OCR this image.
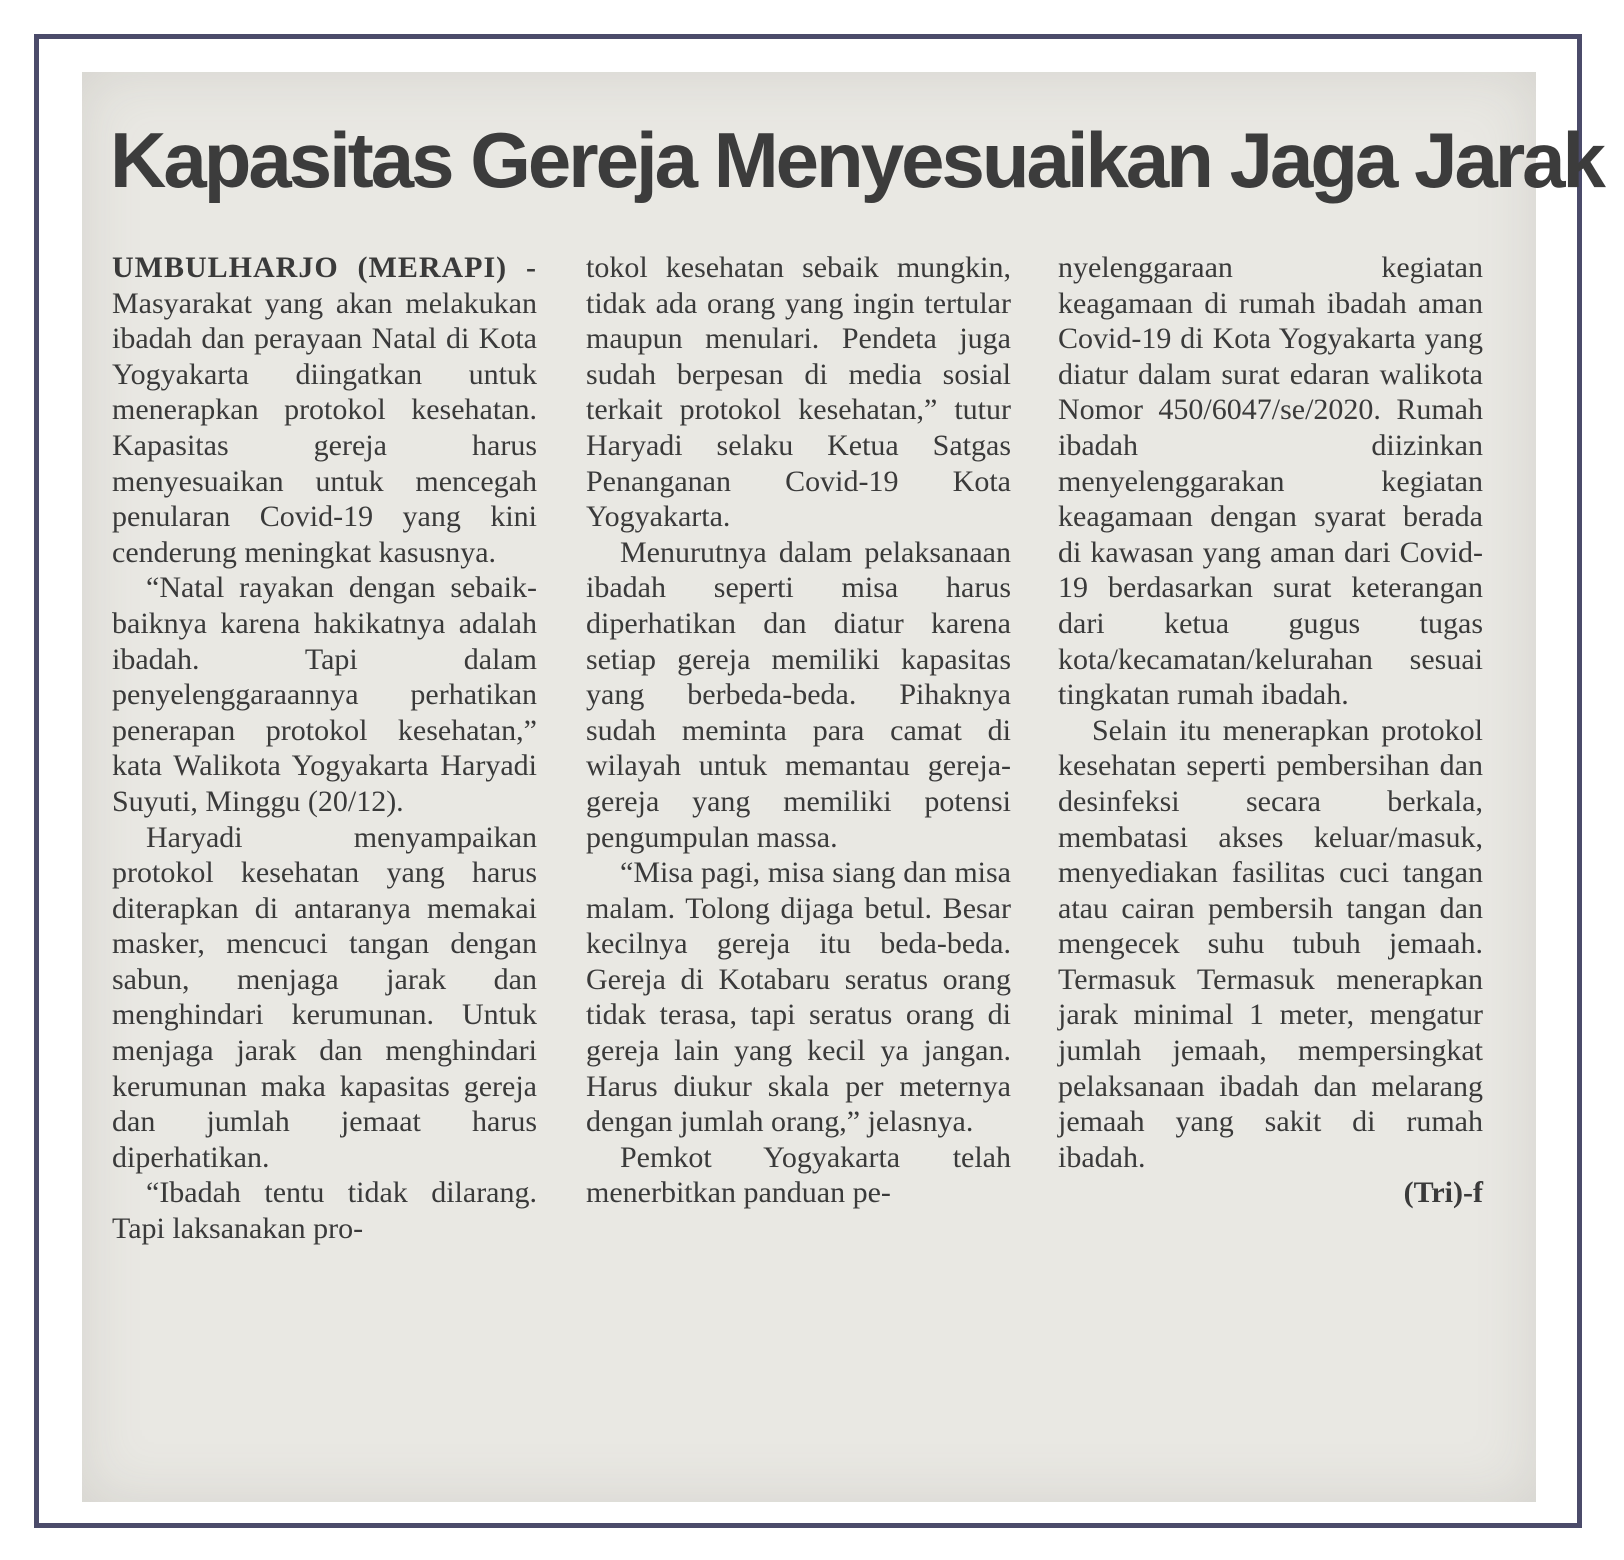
Kapasitas Gereja Menyesuaikan Jaga Jarak

UMBULHARJO (MERAPI) - Masyarakat yang akan melakukan ibadah dan perayaan Natal di Kota Yogyakarta diingatkan untuk menerapkan protokol kesehatan. Kapasitas gereja harus menyesuaikan untuk mencegah penularan Covid-19 yang kini cenderung meningkat kasusnya.

“Natal rayakan dengan sebaik-baiknya karena hakikatnya adalah ibadah. Tapi dalam penyelenggaraannya perhatikan penerapan protokol kesehatan,” kata Walikota Yogyakarta Haryadi Suyuti, Minggu (20/12).

Haryadi menyampaikan protokol kesehatan yang harus diterapkan di antaranya memakai masker, mencuci tangan dengan sabun, menjaga jarak dan menghindari kerumunan. Untuk menjaga jarak dan menghindari kerumunan maka kapasitas gereja dan jumlah jemaat harus diperhatikan.

“Ibadah tentu tidak dilarang. Tapi laksanakan pro-

tokol kesehatan sebaik mungkin, tidak ada orang yang ingin tertular maupun menulari. Pendeta juga sudah berpesan di media sosial terkait protokol kesehatan,” tutur Haryadi selaku Ketua Satgas Penanganan Covid-19 Kota Yogyakarta.

Menurutnya dalam pelaksanaan ibadah seperti misa harus diperhatikan dan diatur karena setiap gereja memiliki kapasitas yang berbeda-beda. Pihaknya sudah meminta para camat di wilayah untuk memantau gereja-gereja yang memiliki potensi pengumpulan massa.

“Misa pagi, misa siang dan misa malam. Tolong dijaga betul. Besar kecilnya gereja itu beda-beda. Gereja di Kotabaru seratus orang tidak terasa, tapi seratus orang di gereja lain yang kecil ya jangan. Harus diukur skala per meternya dengan jumlah orang,” jelasnya.

Pemkot Yogyakarta telah menerbitkan panduan pe-

nyelenggaraan kegiatan keagamaan di rumah ibadah aman Covid-19 di Kota Yogyakarta yang diatur dalam surat edaran walikota Nomor 450/6047/se/2020. Rumah ibadah diizinkan menyelenggarakan kegiatan keagamaan dengan syarat berada di kawasan yang aman dari Covid-19 berdasarkan surat keterangan dari ketua gugus tugas kota/kecamatan/kelurahan sesuai tingkatan rumah ibadah.

Selain itu menerapkan protokol kesehatan seperti pembersihan dan desinfeksi secara berkala, membatasi akses keluar/masuk, menyediakan fasilitas cuci tangan atau cairan pembersih tangan dan mengecek suhu tubuh jemaah. Termasuk Termasuk menerapkan jarak minimal 1 meter, mengatur jumlah jemaah, mempersingkat pelaksanaan ibadah dan melarang jemaah yang sakit di rumah ibadah.

(Tri)-f
